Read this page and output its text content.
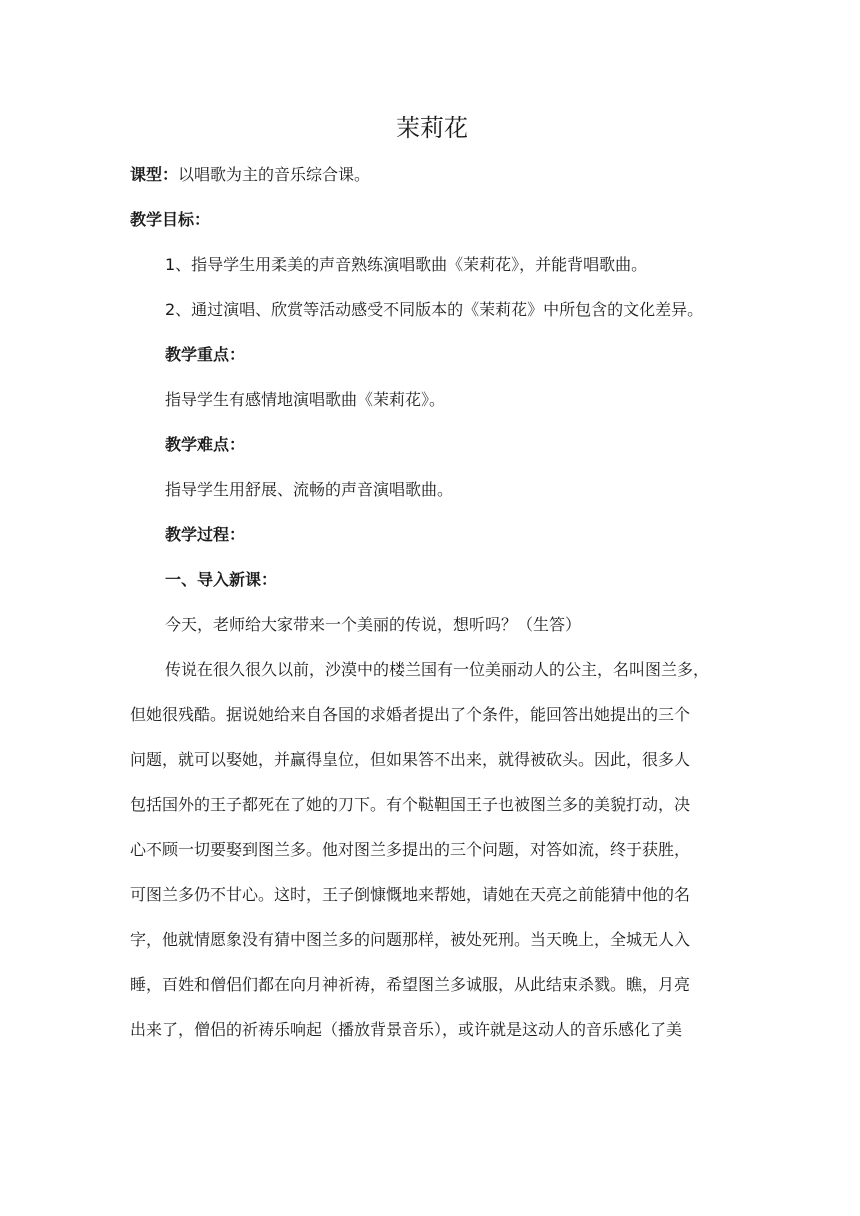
茉莉花
课型：以唱歌为主的音乐综合课。
教学目标：
1、指导学生用柔美的声音熟练演唱歌曲《茉莉花》，并能背唱歌曲。
2、通过演唱、欣赏等活动感受不同版本的《茉莉花》中所包含的文化差异。
教学重点：
指导学生有感情地演唱歌曲《茉莉花》。
教学难点：
指导学生用舒展、流畅的声音演唱歌曲。
教学过程：
一、导入新课：
今天，老师给大家带来一个美丽的传说，想听吗？（生答）
传说在很久很久以前，沙漠中的楼兰国有一位美丽动人的公主，名叫图兰多，
但她很残酷。据说她给来自各国的求婚者提出了个条件，能回答出她提出的三个
问题，就可以娶她，并赢得皇位，但如果答不出来，就得被砍头。因此，很多人
包括国外的王子都死在了她的刀下。有个鞑靼国王子也被图兰多的美貌打动，决
心不顾一切要娶到图兰多。他对图兰多提出的三个问题，对答如流，终于获胜，
可图兰多仍不甘心。这时，王子倒慷慨地来帮她，请她在天亮之前能猜中他的名
字，他就情愿象没有猜中图兰多的问题那样，被处死刑。当天晚上，全城无人入
睡，百姓和僧侣们都在向月神祈祷，希望图兰多诚服，从此结束杀戮。瞧，月亮
出来了，僧侣的祈祷乐响起（播放背景音乐），或许就是这动人的音乐感化了美
